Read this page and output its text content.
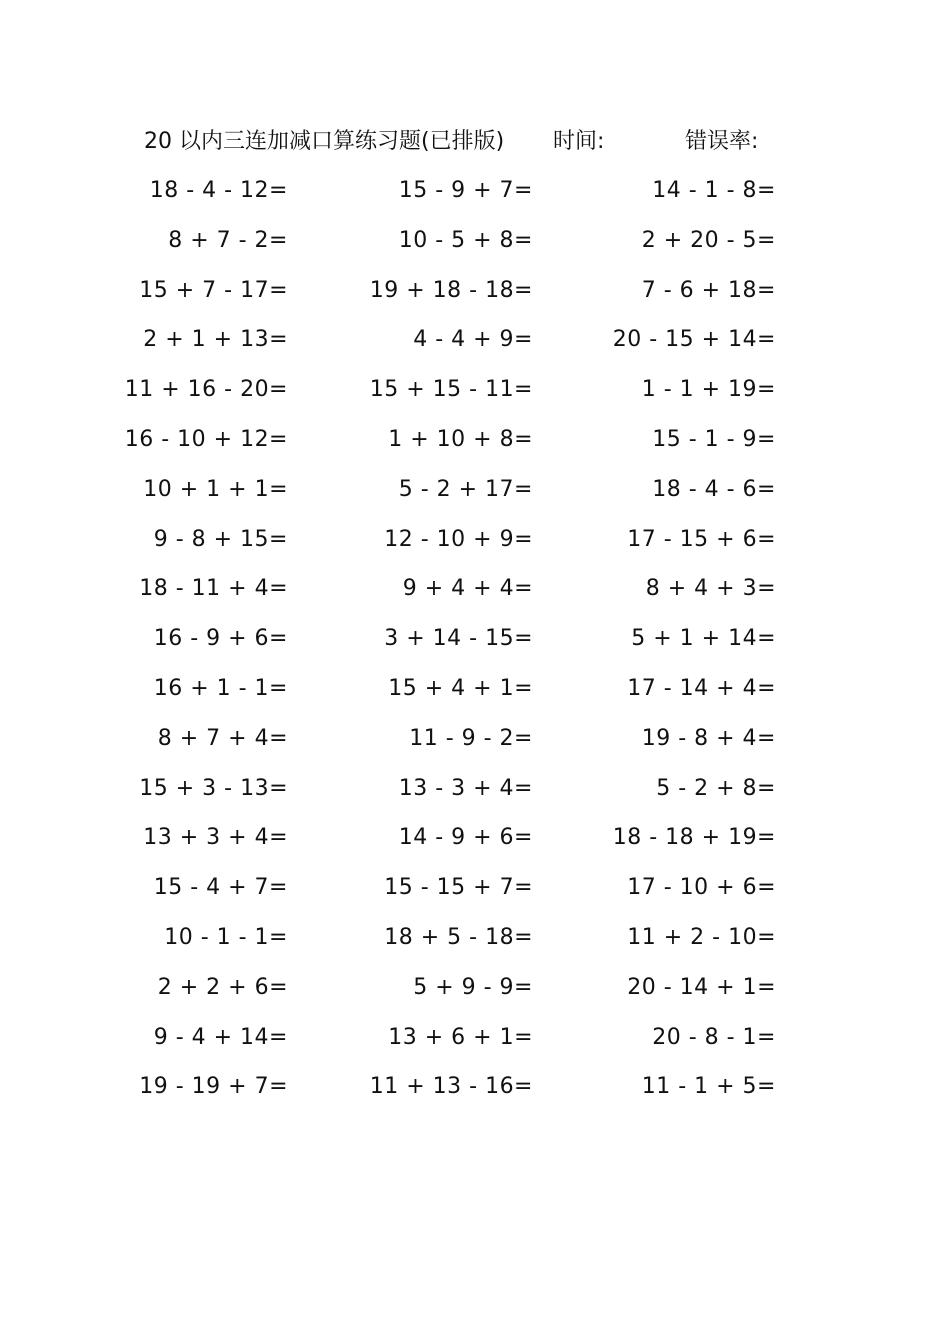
20 以内三连加减口算练习题(已排版) 时间:	错误率:
18 - 4 - 12=	15 - 9 + 7=	14 - 1 - 8=
8 + 7 - 2=	10 - 5 + 8=	2 + 20 - 5=
15 + 7 - 17=	19 + 18 - 18=	7 - 6 + 18=
2 + 1 + 13=	4 - 4 + 9=	20 - 15 + 14=
11 + 16 - 20=	15 + 15 - 11=	1 - 1 + 19=
16 - 10 + 12=	1 + 10 + 8=	15 - 1 - 9=
10 + 1 + 1=	5 - 2 + 17=	18 - 4 - 6=
9 - 8 + 15=	12 - 10 + 9=	17 - 15 + 6=
18 - 11 + 4=	9 + 4 + 4=	8 + 4 + 3=
16 - 9 + 6=	3 + 14 - 15=	5 + 1 + 14=
16 + 1 - 1=	15 + 4 + 1=	17 - 14 + 4=
8 + 7 + 4=	11 - 9 - 2=	19 - 8 + 4=
15 + 3 - 13=	13 - 3 + 4=	5 - 2 + 8=
13 + 3 + 4=	14 - 9 + 6=	18 - 18 + 19=
15 - 4 + 7=	15 - 15 + 7=	17 - 10 + 6=
10 - 1 - 1=	18 + 5 - 18=	11 + 2 - 10=
2 + 2 + 6=	5 + 9 - 9=	20 - 14 + 1=
9 - 4 + 14=	13 + 6 + 1=	20 - 8 - 1=
19 - 19 + 7=	11 + 13 - 16=	11 - 1 + 5=
